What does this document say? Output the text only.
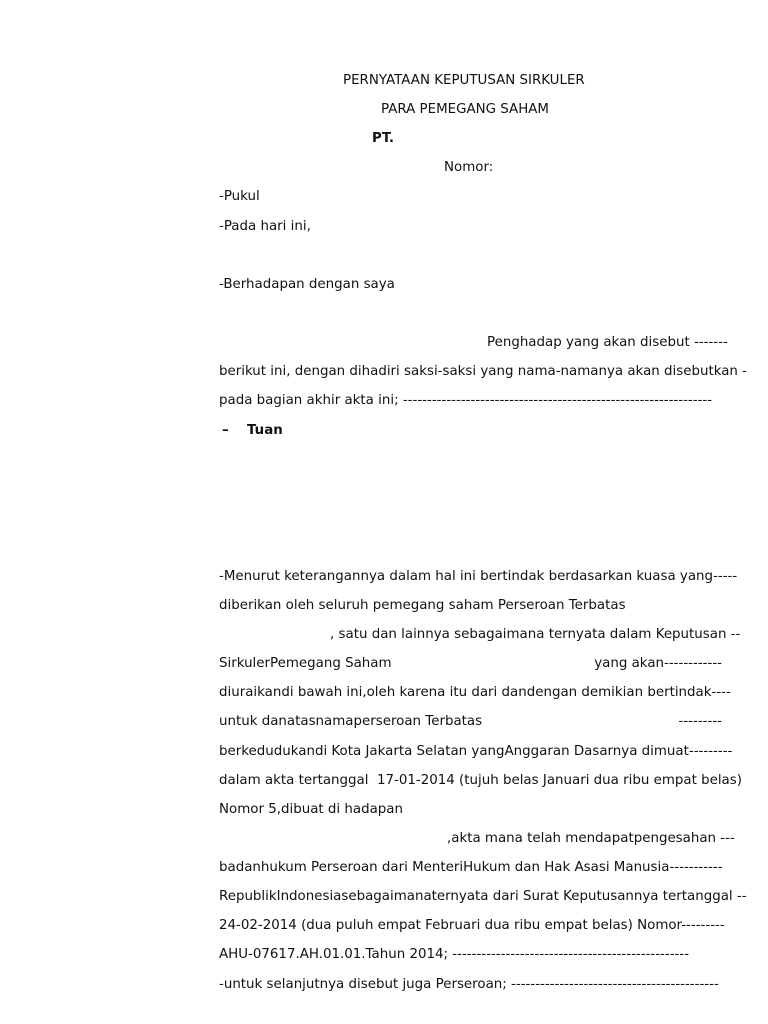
PERNYATAAN KEPUTUSAN SIRKULER
PARA PEMEGANG SAHAM
PT.
Nomor:
-Pukul
-Pada hari ini,
-Berhadapan dengan saya
Penghadap yang akan disebut -------
berikut ini, dengan dihadiri saksi-saksi yang nama-namanya akan disebutkan -
pada bagian akhir akta ini; ----------------------------------------------------------------
– Tuan
-Menurut keterangannya dalam hal ini bertindak berdasarkan kuasa yang-----
diberikan oleh seluruh pemegang saham Perseroan Terbatas
, satu dan lainnya sebagaimana ternyata dalam Keputusan --
SirkulerPemegang Saham	yang akan------------
diuraikandi bawah ini,oleh karena itu dari dandengan demikian bertindak----
untuk danatasnamaperseroan Terbatas	---------
berkedudukandi Kota Jakarta Selatan yangAnggaran Dasarnya dimuat---------
dalam akta tertanggal  17-01-2014 (tujuh belas Januari dua ribu empat belas)
Nomor 5,dibuat di hadapan
,akta mana telah mendapatpengesahan ---
badanhukum Perseroan dari MenteriHukum dan Hak Asasi Manusia-----------
RepublikIndonesiasebagaimanaternyata dari Surat Keputusannya tertanggal --
24-02-2014 (dua puluh empat Februari dua ribu empat belas) Nomor---------
AHU-07617.AH.01.01.Tahun 2014; -------------------------------------------------
-untuk selanjutnya disebut juga Perseroan; -------------------------------------------
